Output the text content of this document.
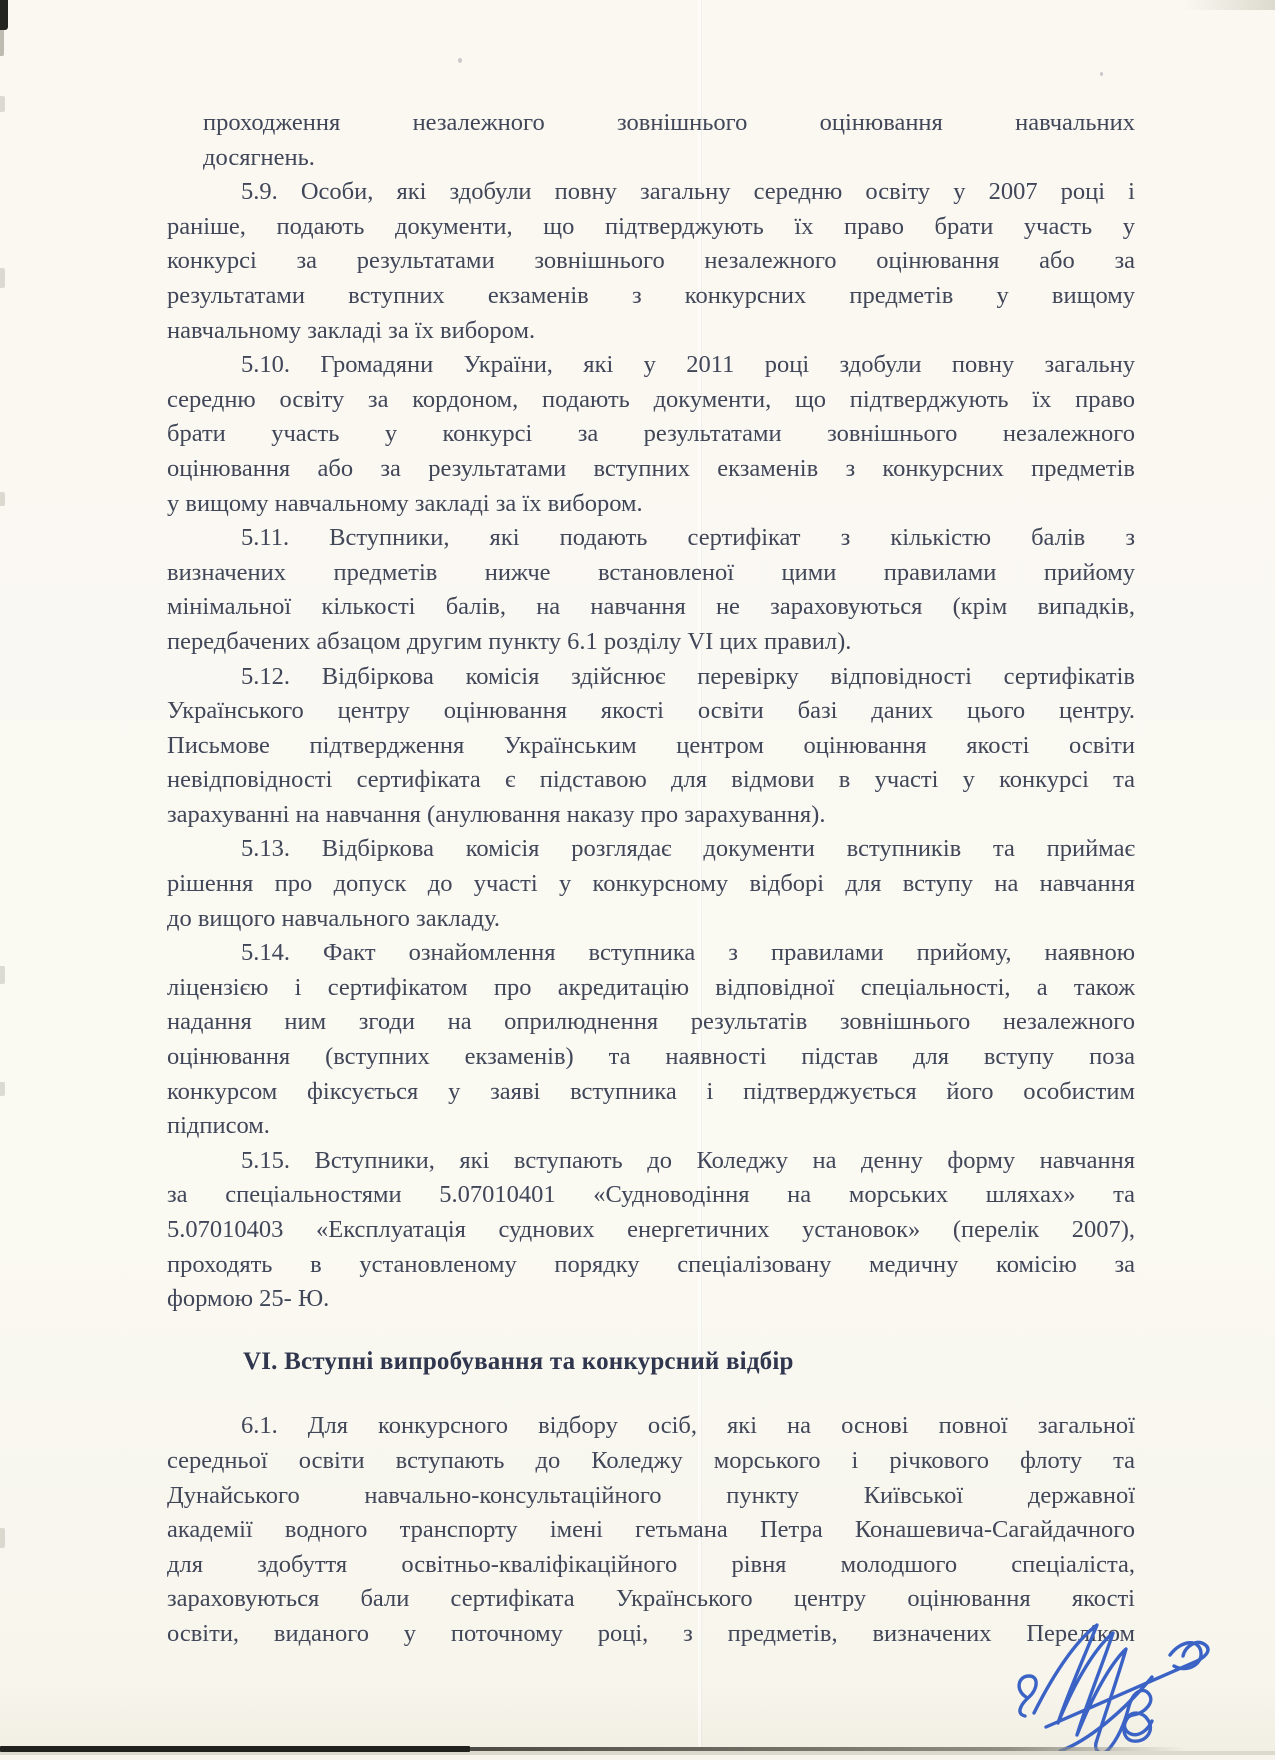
проходження незалежного зовнішнього оцінювання навчальних
досягнень.
5.9. Особи, які здобули повну загальну середню освіту у 2007 році і
раніше, подають документи, що підтверджують їх право брати участь у
конкурсі за результатами зовнішнього незалежного оцінювання або за
результатами вступних екзаменів з конкурсних предметів у вищому
навчальному закладі за їх вибором.
5.10. Громадяни України, які у 2011 році здобули повну загальну
середню освіту за кордоном, подають документи, що підтверджують їх право
брати участь у конкурсі за результатами зовнішнього незалежного
оцінювання або за результатами вступних екзаменів з конкурсних предметів
у вищому навчальному закладі за їх вибором.
5.11. Вступники, які подають сертифікат з кількістю балів з
визначених предметів нижче встановленої цими правилами прийому
мінімальної кількості балів, на навчання не зараховуються (крім випадків,
передбачених абзацом другим пункту 6.1 розділу VI цих правил).
5.12. Відбіркова комісія здійснює перевірку відповідності сертифікатів
Українського центру оцінювання якості освіти базі даних цього центру.
Письмове підтвердження Українським центром оцінювання якості освіти
невідповідності сертифіката є підставою для відмови в участі у конкурсі та
зарахуванні на навчання (анулювання наказу про зарахування).
5.13. Відбіркова комісія розглядає документи вступників та приймає
рішення про допуск до участі у конкурсному відборі для вступу на навчання
до вищого навчального закладу.
5.14. Факт ознайомлення вступника з правилами прийому, наявною
ліцензією і сертифікатом про акредитацію відповідної спеціальності, а також
надання ним згоди на оприлюднення результатів зовнішнього незалежного
оцінювання (вступних екзаменів) та наявності підстав для вступу поза
конкурсом фіксується у заяві вступника і підтверджується його особистим
підписом.
5.15. Вступники, які вступають до Коледжу на денну форму навчання
за спеціальностями 5.07010401 «Судноводіння на морських шляхах» та
5.07010403 «Експлуатація суднових енергетичних установок» (перелік 2007),
проходять в установленому порядку спеціалізовану медичну комісію за
формою 25- Ю.
VI. Вступні випробування та конкурсний відбір
6.1. Для конкурсного відбору осіб, які на основі повної загальної
середньої освіти вступають до Коледжу морського і річкового флоту та
Дунайського навчально-консультаційного пункту Київської державної
академії водного транспорту імені гетьмана Петра Конашевича-Сагайдачного
для здобуття освітньо-кваліфікаційного рівня молодшого спеціаліста,
зараховуються бали сертифіката Українського центру оцінювання якості
освіти, виданого у поточному році, з предметів, визначених Переліком
